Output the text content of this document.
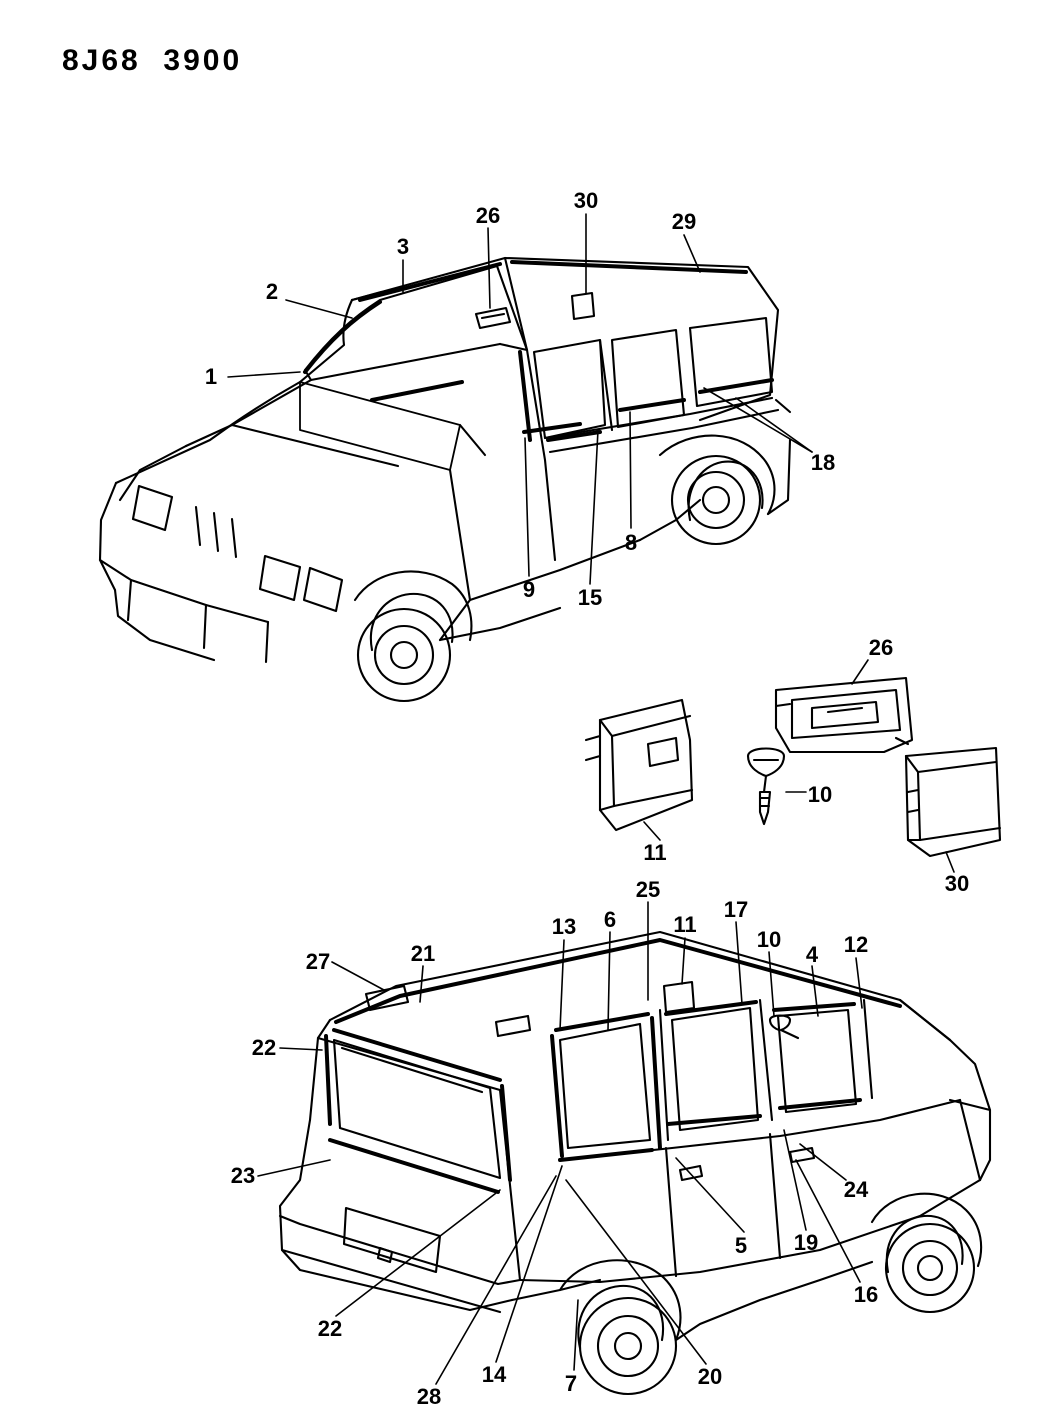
8J68  3900
1
2
3
26
30
29
18
8
15
9
26
10
11
30
25
13 6	11
17
10
4 12
27	21
22
23
24
5 19
16
22
28
14	7	20
